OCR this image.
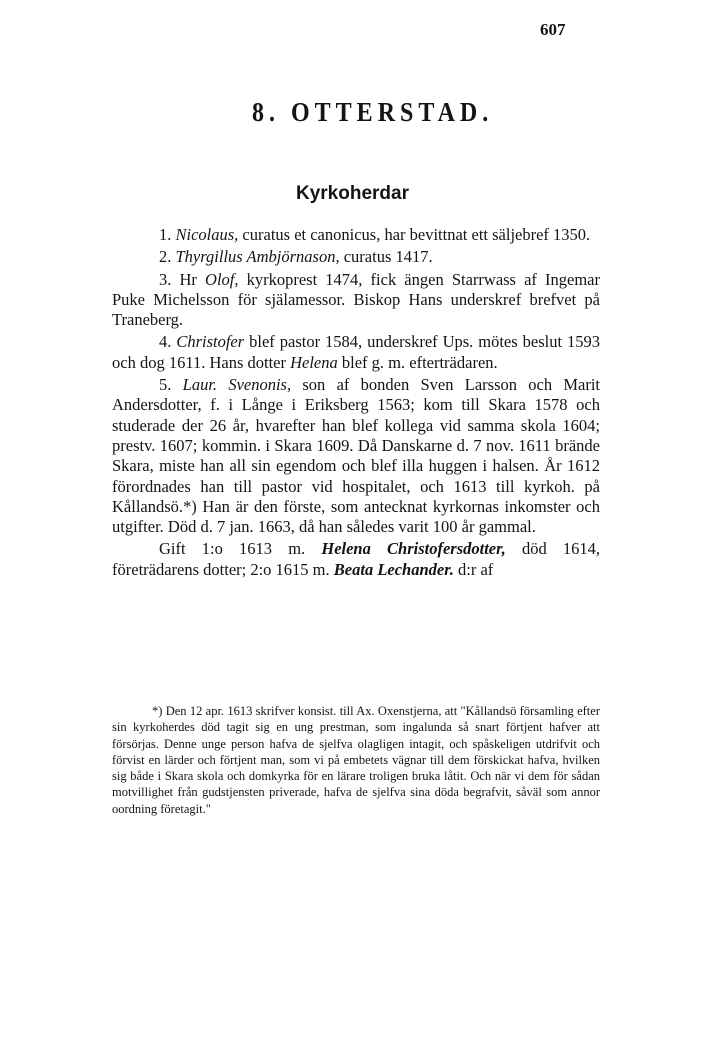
607

8. OTTERSTAD.
Kyrkoherdar

1. Nicolaus, curatus et canonicus, har bevittnat ett säljebref 1350.

2. Thyrgillus Ambjörnason, curatus 1417.

3. Hr Olof, kyrkoprest 1474, fick ängen Starrwass af Ingemar Puke Michelsson för själamessor. Biskop Hans underskref brefvet på Traneberg.

4. Christofer blef pastor 1584, underskref Ups. mötes beslut 1593 och dog 1611. Hans dotter Helena blef g. m. efterträdaren.

5. Laur. Svenonis, son af bonden Sven Larsson och Marit Andersdotter, f. i Långe i Eriksberg 1563; kom till Skara 1578 och studerade der 26 år, hvarefter han blef kollega vid samma skola 1604; prestv. 1607; kommin. i Skara 1609. Då Danskarne d. 7 nov. 1611 brände Skara, miste han all sin egendom och blef illa huggen i halsen. År 1612 förordnades han till pastor vid hospitalet, och 1613 till kyrkoh. på Kållandsö.*) Han är den förste, som antecknat kyrkornas inkomster och utgifter. Död d. 7 jan. 1663, då han således varit 100 år gammal.

Gift 1:o 1613 m. Helena Christofersdotter, död 1614, företrädarens dotter; 2:o 1615 m. Beata Lechander. d:r af

*) Den 12 apr. 1613 skrifver konsist. till Ax. Oxenstjerna, att "Kållandsö församling efter sin kyrkoherdes död tagit sig en ung prestman, som ingalunda så snart förtjent hafver att försörjas. Denne unge person hafva de sjelfva olagligen intagit, och spåskeligen utdrifvit och förvist en lärder och förtjent man, som vi på embetets vägnar till dem förskickat hafva, hvilken sig både i Skara skola och domkyrka för en lärare troligen bruka låtit. Och när vi dem för sådan motvillighet från gudstjensten priverade, hafva de sjelfva sina döda begrafvit, såväl som annor oordning företagit."
